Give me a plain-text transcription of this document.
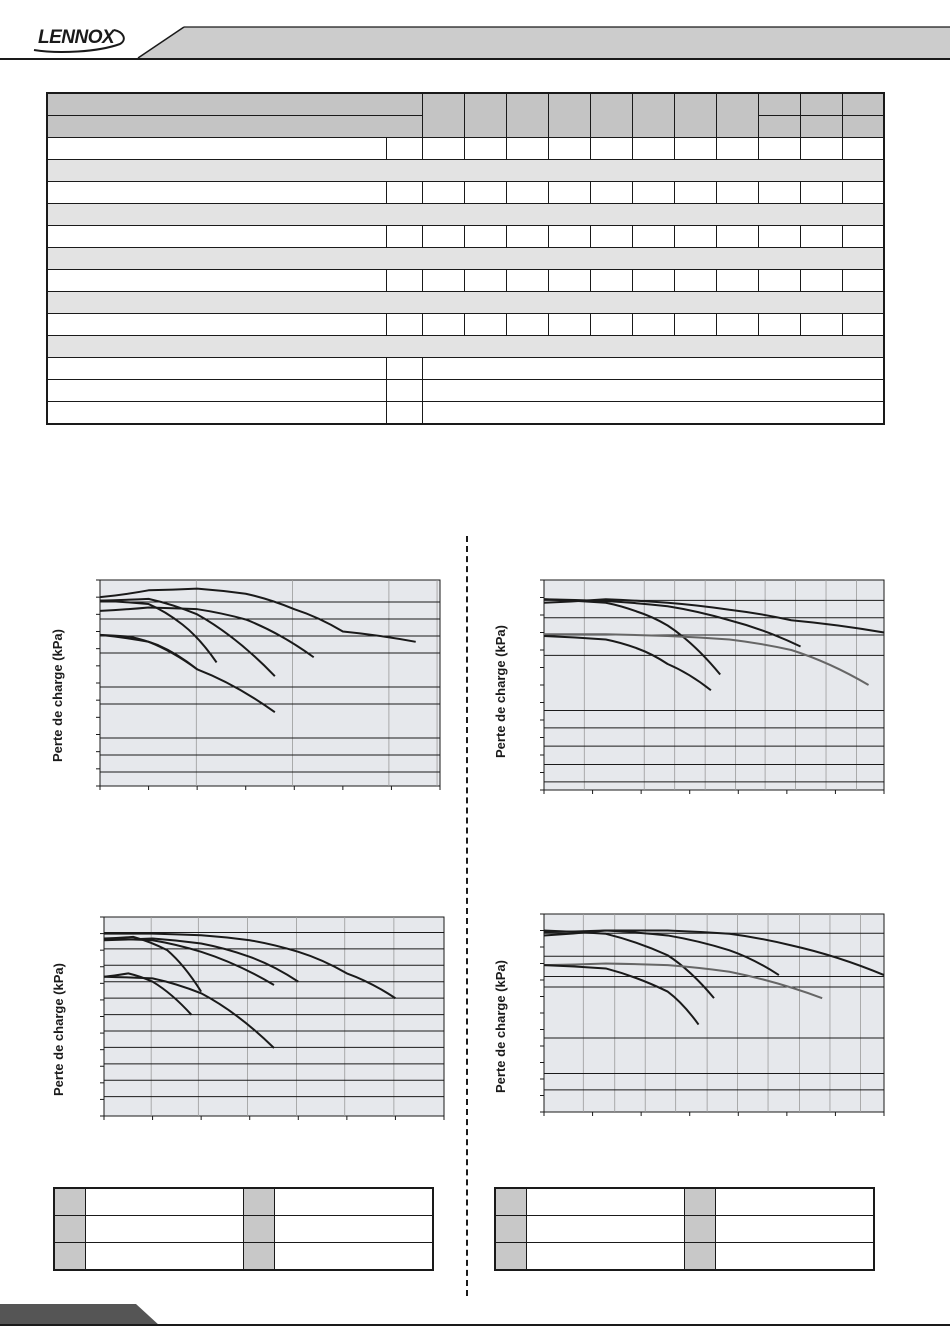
LENNOX

Perte de charge (kPa)	Perte de charge (kPa)
Perte de charge (kPa)	Perte de charge (kPa)
